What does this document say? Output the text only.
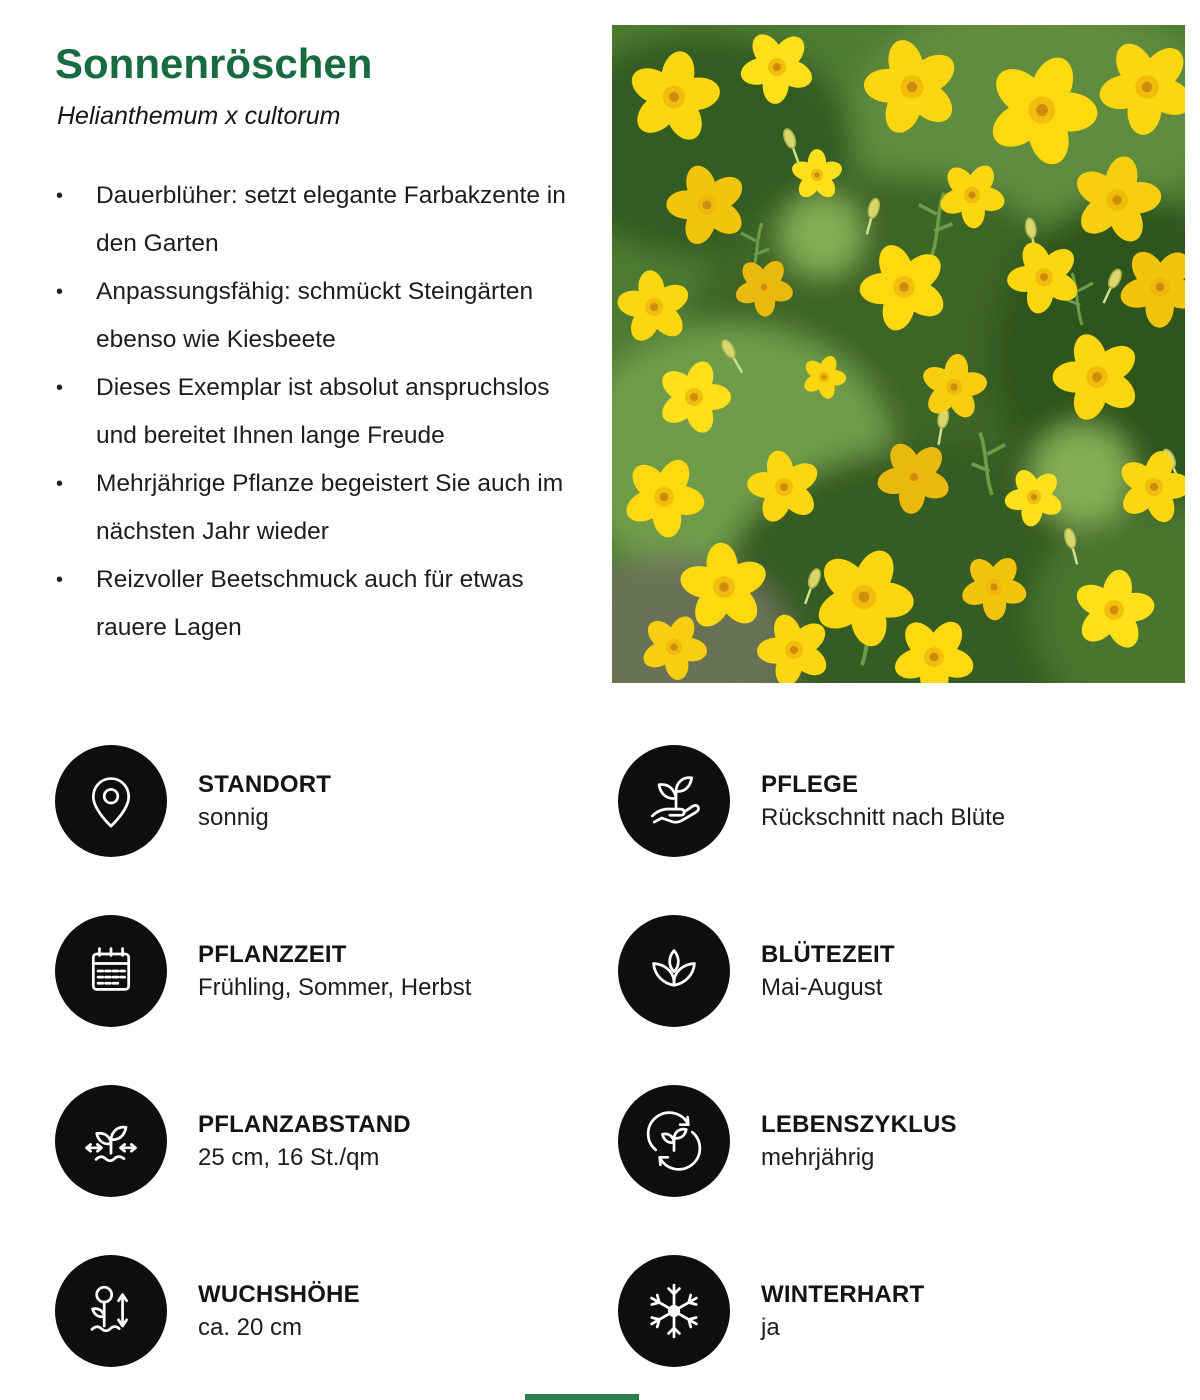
Sonnenröschen
Helianthemum x cultorum
•	Dauerblüher: setzt elegante Farbakzente in den Garten
•	Anpassungsfähig: schmückt Steingärten ebenso wie Kiesbeete
•	Dieses Exemplar ist absolut anspruchslos und bereitet Ihnen lange Freude
•	Mehrjährige Pflanze begeistert Sie auch im nächsten Jahr wieder
•	Reizvoller Beetschmuck auch für etwas rauere Lagen
STANDORT
sonnig
PFLEGE
Rückschnitt nach Blüte
PFLANZZEIT
Frühling, Sommer, Herbst
BLÜTEZEIT
Mai-August
PFLANZABSTAND
25 cm, 16 St./qm
LEBENSZYKLUS
mehrjährig
WUCHSHÖHE
ca. 20 cm
WINTERHART
ja
